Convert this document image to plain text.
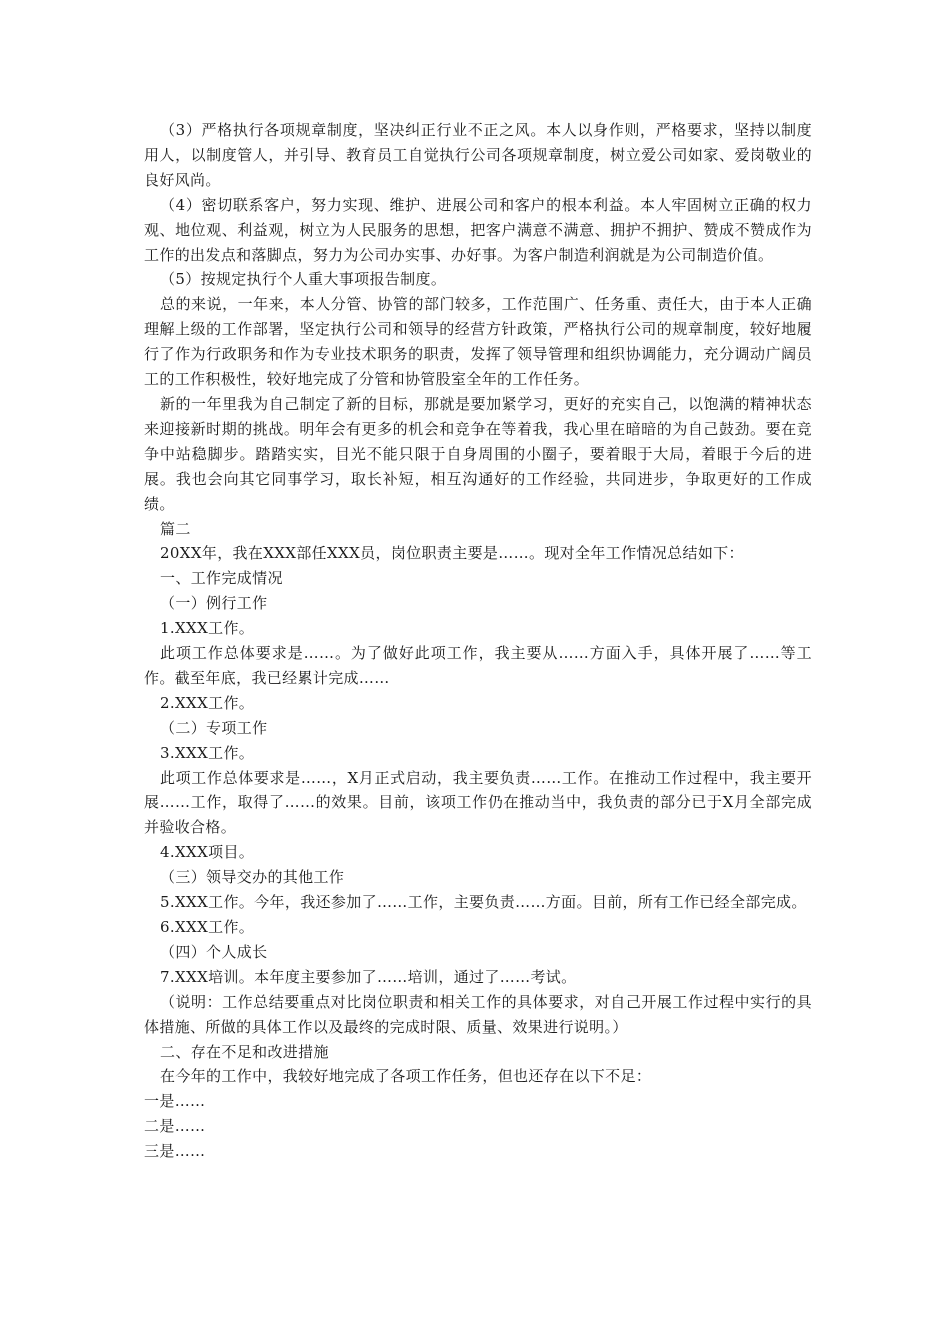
（3）严格执行各项规章制度，坚决纠正行业不正之风。本人以身作则，严格要求，坚持以制度用人，以制度管人，并引导、教育员工自觉执行公司各项规章制度，树立爱公司如家、爱岗敬业的良好风尚。

（4）密切联系客户，努力实现、维护、进展公司和客户的根本利益。本人牢固树立正确的权力观、地位观、利益观，树立为人民服务的思想，把客户满意不满意、拥护不拥护、赞成不赞成作为工作的出发点和落脚点，努力为公司办实事、办好事。为客户制造利润就是为公司制造价值。

（5）按规定执行个人重大事项报告制度。

总的来说，一年来，本人分管、协管的部门较多，工作范围广、任务重、责任大，由于本人正确理解上级的工作部署，坚定执行公司和领导的经营方针政策，严格执行公司的规章制度，较好地履行了作为行政职务和作为专业技术职务的职责，发挥了领导管理和组织协调能力，充分调动广阔员工的工作积极性，较好地完成了分管和协管股室全年的工作任务。

新的一年里我为自己制定了新的目标，那就是要加紧学习，更好的充实自己，以饱满的精神状态来迎接新时期的挑战。明年会有更多的机会和竞争在等着我，我心里在暗暗的为自己鼓劲。要在竞争中站稳脚步。踏踏实实，目光不能只限于自身周围的小圈子，要着眼于大局，着眼于今后的进展。我也会向其它同事学习，取长补短，相互沟通好的工作经验，共同进步，争取更好的工作成绩。

篇二

20XX年，我在XXX部任XXX员，岗位职责主要是……。现对全年工作情况总结如下：

一、工作完成情况

（一）例行工作

1.XXX工作。

此项工作总体要求是……。为了做好此项工作，我主要从……方面入手，具体开展了……等工作。截至年底，我已经累计完成……

2.XXX工作。

（二）专项工作

3.XXX工作。

此项工作总体要求是……，X月正式启动，我主要负责……工作。在推动工作过程中，我主要开展……工作，取得了……的效果。目前，该项工作仍在推动当中，我负责的部分已于X月全部完成并验收合格。

4.XXX项目。

（三）领导交办的其他工作

5.XXX工作。今年，我还参加了……工作，主要负责……方面。目前，所有工作已经全部完成。

6.XXX工作。

（四）个人成长

7.XXX培训。本年度主要参加了……培训，通过了……考试。

（说明：工作总结要重点对比岗位职责和相关工作的具体要求，对自己开展工作过程中实行的具体措施、所做的具体工作以及最终的完成时限、质量、效果进行说明。）

二、存在不足和改进措施

在今年的工作中，我较好地完成了各项工作任务，但也还存在以下不足：

一是……

二是……

三是……
